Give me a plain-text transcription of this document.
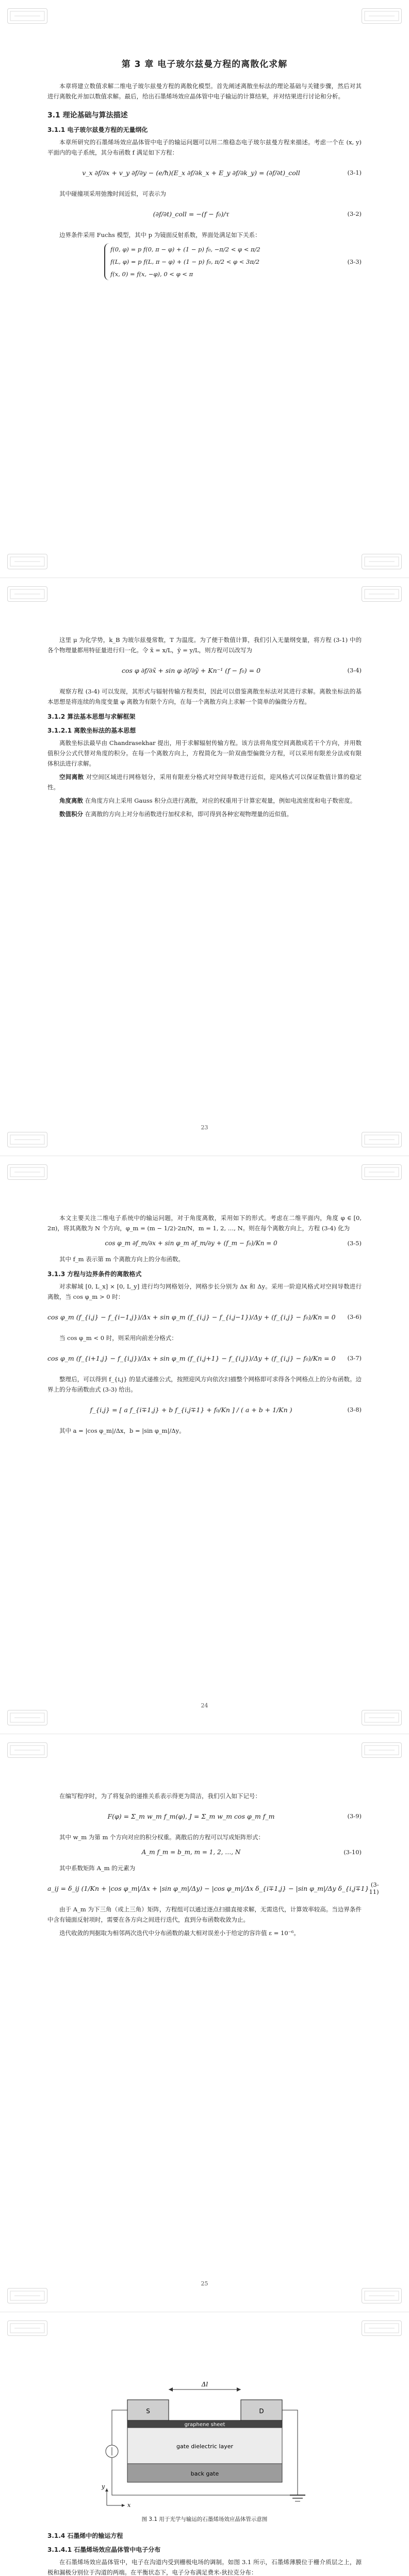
第 3 章 电子玻尔兹曼方程的离散化求解

本章将建立数值求解二维电子玻尔兹曼方程的离散化模型。首先阐述离散坐标法的理论基础与关键步骤，然后对其进行离散化并加以数值求解。最后，给出石墨烯场效应晶体管中电子输运的计算结果，并对结果进行讨论和分析。

3.1 理论基础与算法描述
3.1.1 电子玻尔兹曼方程的无量纲化

本章所研究的石墨烯场效应晶体管中电子的输运问题可以用二维稳态电子玻尔兹曼方程来描述。考虑一个在 (x, y) 平面内的电子系统，其分布函数 f 满足如下方程：

v_x ∂f/∂x + v_y ∂f/∂y − (e/ħ)(E_x ∂f/∂k_x + E_y ∂f/∂k_y) = (∂f/∂t)_coll	(3-1)

其中碰撞项采用弛豫时间近似，可表示为

(∂f/∂t)_coll = −(f − f₀)/τ	(3-2)

边界条件采用 Fuchs 模型，其中 p 为镜面反射系数，界面处满足如下关系：

f(0, φ) = p f(0, π − φ) + (1 − p) f₀, −π/2 < φ < π/2
f(L, φ) = p f(L, π − φ) + (1 − p) f₀, π/2 < φ < 3π/2
f(x, 0) = f(x, −φ), 0 < φ < π
(3-3)

这里 μ 为化学势，k_B 为玻尔兹曼常数，T 为温度。为了便于数值计算，我们引入无量纲变量，将方程 (3-1) 中的各个物理量都用特征量进行归一化。令 x̃ = x/L，ỹ = y/L，则方程可以改写为

cos φ ∂f/∂x̃ + sin φ ∂f/∂ỹ + Kn⁻¹ (f − f₀) = 0	(3-4)

观察方程 (3-4) 可以发现，其形式与辐射传输方程类似，因此可以借鉴离散坐标法对其进行求解。离散坐标法的基本思想是将连续的角度变量 φ 离散为有限个方向，在每一个离散方向上求解一个简单的偏微分方程。

3.1.2 算法基本思想与求解框架
3.1.2.1 离散坐标法的基本思想

离散坐标法最早由 Chandrasekhar 提出，用于求解辐射传输方程。该方法将角度空间离散成若干个方向，并用数值积分公式代替对角度的积分。在每一个离散方向上，方程简化为一阶双曲型偏微分方程，可以采用有限差分法或有限体积法进行求解。

空间离散 对空间区域进行网格划分，采用有限差分格式对空间导数进行近似，迎风格式可以保证数值计算的稳定性。

角度离散 在角度方向上采用 Gauss 积分点进行离散，对应的权重用于计算宏观量，例如电流密度和电子数密度。

数值积分 在离散的方向上对分布函数进行加权求和，即可得到各种宏观物理量的近似值。

23

本文主要关注二维电子系统中的输运问题，对于角度离散，采用如下的形式。考虑在二维平面内，角度 φ ∈ [0, 2π)，将其离散为 N 个方向，φ_m = (m − 1/2)·2π/N，m = 1, 2, …, N。则在每个离散方向上，方程 (3-4) 化为

cos φ_m ∂f_m/∂x + sin φ_m ∂f_m/∂y + (f_m − f₀)/Kn = 0	(3-5)

其中 f_m 表示第 m 个离散方向上的分布函数。

3.1.3 方程与边界条件的离散格式

对求解域 [0, L_x] × [0, L_y] 进行均匀网格划分，网格步长分别为 Δx 和 Δy。采用一阶迎风格式对空间导数进行离散，当 cos φ_m > 0 时：

cos φ_m (f_{i,j} − f_{i−1,j})/Δx + sin φ_m (f_{i,j} − f_{i,j−1})/Δy + (f_{i,j} − f₀)/Kn = 0	(3-6)

当 cos φ_m < 0 时，则采用向前差分格式：

cos φ_m (f_{i+1,j} − f_{i,j})/Δx + sin φ_m (f_{i,j+1} − f_{i,j})/Δy + (f_{i,j} − f₀)/Kn = 0	(3-7)

整理后，可以得到 f_{i,j} 的显式递推公式，按照迎风方向依次扫描整个网格即可求得各个网格点上的分布函数。边界上的分布函数由式 (3-3) 给出。

f_{i,j} = [ a f_{i∓1,j} + b f_{i,j∓1} + f₀/Kn ] / ( a + b + 1/Kn )	(3-8)

其中 a = |cos φ_m|/Δx，b = |sin φ_m|/Δy。

24

在编写程序时，为了将复杂的递推关系表示得更为简洁，我们引入如下记号：

F(φ) = Σ_m w_m f_m(φ), J = Σ_m w_m cos φ_m f_m	(3-9)

其中 w_m 为第 m 个方向对应的积分权重。离散后的方程可以写成矩阵形式：

A_m f_m = b_m, m = 1, 2, …, N	(3-10)

其中系数矩阵 A_m 的元素为

a_ij = δ_ij (1/Kn + |cos φ_m|/Δx + |sin φ_m|/Δy) − |cos φ_m|/Δx δ_{i∓1,j} − |sin φ_m|/Δy δ_{i,j∓1} (3-11)

由于 A_m 为下三角（或上三角）矩阵，方程组可以通过逐点扫描直接求解，无需迭代，计算效率较高。当边界条件中含有镜面反射项时，需要在各方向之间进行迭代，直到分布函数收敛为止。

迭代收敛的判据取为相邻两次迭代中分布函数的最大相对误差小于给定的容许值 ε = 10⁻⁶。

25
Δl
S	D
graphene sheet
gate dielectric layer
back gate
x
y
图 3.1 用于光学与输运的石墨烯场效应晶体管示意图
3.1.4 石墨烯中的输运方程
3.1.4.1 石墨烯场效应晶体管中电子分布

在石墨烯场效应晶体管中，电子在沟道内受到栅极电场的调制。如图 3.1 所示，石墨烯薄膜位于栅介质层之上，源极和漏极分别位于沟道的两端。在平衡状态下，电子分布满足费米-狄拉克分布：
